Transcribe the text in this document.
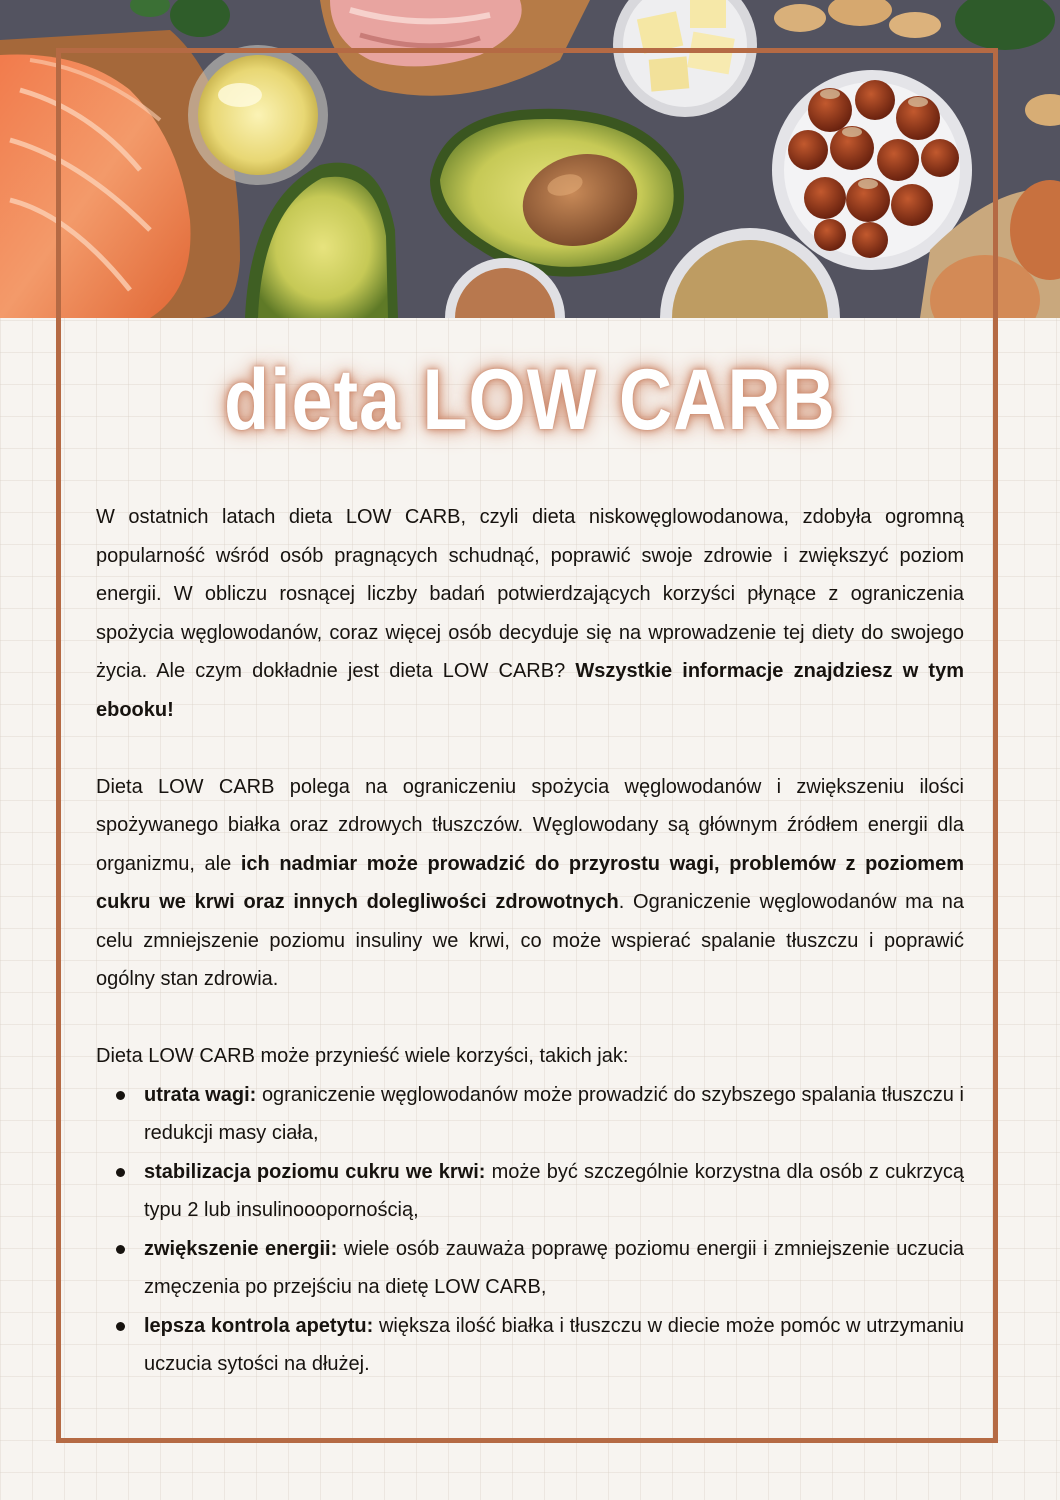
dieta LOW CARB

W ostatnich latach dieta LOW CARB, czyli dieta niskowęglowodanowa, zdobyła ogromną popularność wśród osób pragnących schudnąć, poprawić swoje zdrowie i zwiększyć poziom energii. W obliczu rosnącej liczby badań potwierdzających korzyści płynące z ograniczenia spożycia węglowodanów, coraz więcej osób decyduje się na wprowadzenie tej diety do swojego życia. Ale czym dokładnie jest dieta LOW CARB? Wszystkie informacje znajdziesz w tym ebooku!

Dieta LOW CARB polega na ograniczeniu spożycia węglowodanów i zwiększeniu ilości spożywanego białka oraz zdrowych tłuszczów. Węglowodany są głównym źródłem energii dla organizmu, ale ich nadmiar może prowadzić do przyrostu wagi, problemów z poziomem cukru we krwi oraz innych dolegliwości zdrowotnych. Ograniczenie węglowodanów ma na celu zmniejszenie poziomu insuliny we krwi, co może wspierać spalanie tłuszczu i poprawić ogólny stan zdrowia.

Dieta LOW CARB może przynieść wiele korzyści, takich jak:

utrata wagi: ograniczenie węglowodanów może prowadzić do szybszego spalania tłuszczu i redukcji masy ciała,
stabilizacja poziomu cukru we krwi: może być szczególnie korzystna dla osób z cukrzycą typu 2 lub insulinooopornością,
zwiększenie energii: wiele osób zauważa poprawę poziomu energii i zmniejszenie uczucia zmęczenia po przejściu na dietę LOW CARB,
lepsza kontrola apetytu: większa ilość białka i tłuszczu w diecie może pomóc w utrzymaniu uczucia sytości na dłużej.
